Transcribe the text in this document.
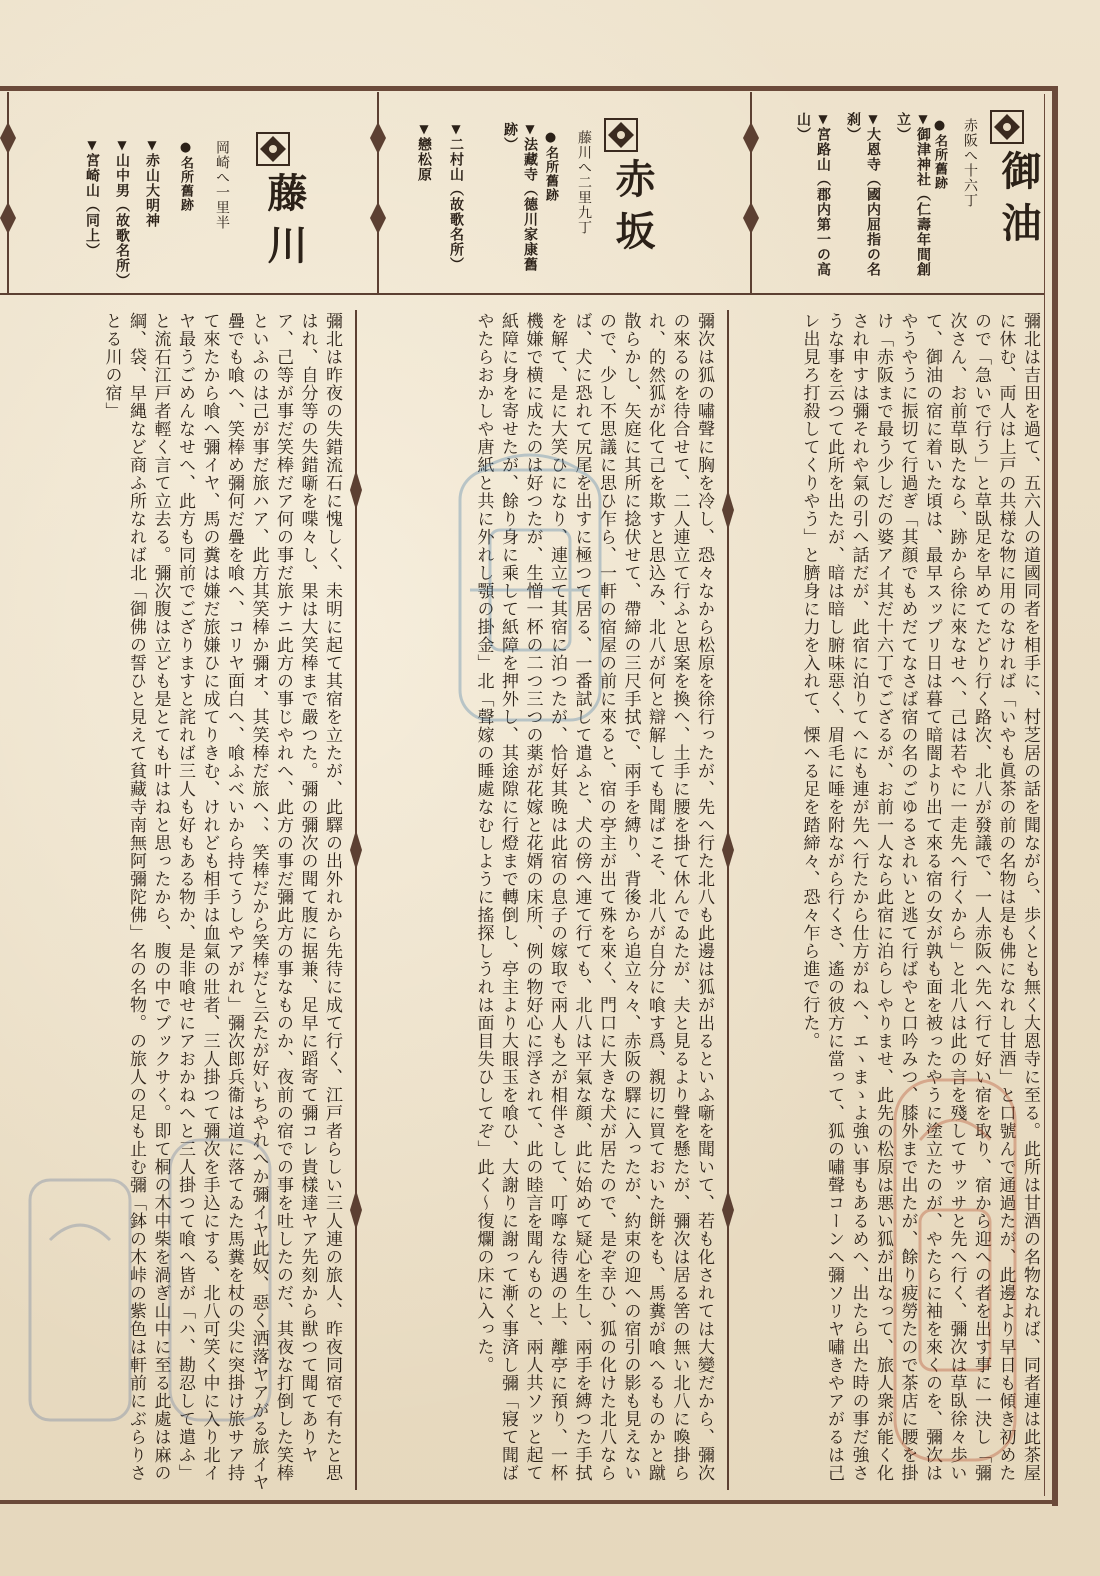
御油
赤阪へ十六丁
●名所舊跡
▼御津神社（仁壽年間創立）
▼大恩寺（國内屈指の名刹）
▼宮路山（郡内第一の高山）
赤坂
藤川へ二里九丁
●名所舊跡
▼法藏寺（德川家康舊跡）
▼二村山（故歌名所）
▼戀松原
藤川
岡崎へ一里半
●名所舊跡
▼赤山大明神
▼山中男（故歌名所）
▼宮崎山（同上）

彌北は吉田を過て、五六人の道國同者を相手に、村芝居の話を聞ながら、歩くとも無く大恩寺に至る。此所は甘酒の名物なれば、同者連は此茶屋に休む、両人は上戸の共様な物に用のなければ「いやも眞茶の前の名物は是も佛になれし甘酒」と口號んで通過たが、此邊より早日も傾き初めたので「急いで行う」と草臥足を早めてたどり行く路次、北八が發議で、一人赤阪へ先へ行て好い宿を取り、宿から迎への者を出す事に一決し「彌次さん、お前草臥たなら、跡から徐に來なせへ、己は若やに一走先へ行くから」と北八は此の言を殘してサッサと先へ行く、彌次は草臥徐々歩いて、御油の宿に着いた頃は、最早スップリ日は暮て暗闇より出て來る宿の女が孰も面を被ったやうに塗立たのが、やたらに袖を來くのを、彌次はやうやうに振切て行過ぎ「其顔でもめだてなさば宿の名のごゆるされいと逃て行ばやと口吟みつ、膝外まで出たが、餘り疲勞たので茶店に腰を掛け「赤阪まで最う少しだの婆アイ其だ十六丁でござるが、お前一人なら此宿に泊らしやりませ、此先の松原は悪い狐が出なって、旅人衆が能く化され申すは彌それや氣の引へ話だが、此宿に泊りてへにも連が先へ行たから仕方がねへ、エヽまゝよ強い事もあるめへ、出たら出た時の事だ強さうな事を云つて此所を出たが、暗は暗し腑味惡く、眉毛に唾を附ながら行くさ、遙の彼方に當って、狐の嘯聲コーンへ彌ソリヤ嘯きやアがるは己レ出見ろ打殺してくりやう」と臍身に力を入れて、慄へる足を踏締々、恐々乍ら進で行た。

彌次は狐の嘯聲に胸を冷し、恐々なから松原を徐行ったが、先へ行た北八も此邊は狐が出るといふ噺を聞いて、若も化されては大變だから、彌次の來るのを待合せて、二人連立て行ふと思案を換へ、土手に腰を掛て休んでゐたが、夫と見るより聲を懸たが、彌次は居る筈の無い北八に喚掛られ、的然狐が化て己を欺すと思込み、北八が何と辯解しても聞ばこそ、北八が自分に喰す爲、親切に買ておいた餅をも、馬糞が喰へるものかと蹴散らかし、矢庭に其所に捻伏せて、帶締の三尺手拭で、兩手を縛り、背後から追立々々、赤阪の驛に入ったが、約束の迎への宿引の影も見えないので、少し不思議に思ひ乍ら、一軒の宿屋の前に來ると、宿の亭主が出て殊を來く、門口に大きな犬が居たので、是ぞ幸ひ、狐の化けた北八ならば、犬に恐れて尻尾を出すに極つて居る、一番試して遣ふと、犬の傍へ連て行ても、北八は平氣な顔、此に始めて疑心を生し、兩手を縛つた手拭を解て、是に大笑ひになり、連立て其宿に泊つたが、恰好其晩は此宿の息子の嫁取で兩人も之が相伴さして、叮嚀な待遇の上、離亭に預り、一杯機嫌で横に成たのは好つたが、生憎一杯の二つ三つの薬が花嫁と花婿の床所、例の物好心に浮されて、此の睦言を聞んものと、兩人共ソッと起て紙障に身を寄せたが、餘り身に乘して紙障を押外し、其途隙に行燈まで轉倒し、亭主より大眼玉を喰ひ、大謝りに謝って漸く事済し彌「寢て聞ばやたらおかしや唐紙と共に外れし顎の掛金」北「聲嫁の睡處なむしように搖探しうれは面目失ひしてぞ」此く～復爛の床に入った。

彌北は昨夜の失錯流石に愧しく、未明に起て其宿を立たが、此驛の出外れから先待に成て行く、江戸者らしい三人連の旅人、昨夜同宿で有たと思はれ、自分等の失錯噺を喋々し、果は大笑棒まで嚴つた。彌の彌次の聞て腹に据兼、足早に蹈寄て彌コレ貴樣達ヤア先刻から獣つて聞てありヤア、己等が事だ笑棒だア何の事だ旅ナニ此方の事じやれへ、此方の事だ彌此方の事なものか、夜前の宿での事を吐したのだ、其夜な打倒した笑棒といふのは己が事だ旅ハア、此方其笑棒か彌オ、其笑棒だ旅ヘ、、笑棒だから笑棒だと云たが好いちやれへか彌イヤ此奴、惡く洒落ヤアがる旅イヤ疊でも喰へ、笑棒め彌何だ疊を喰へ、コリヤ面白へ、喰ふべいから持てうしやアがれ」彌次郎兵衞は道に落てゐた馬糞を杖の尖に突掛け旅サア持て來たから喰へ彌イヤ、馬の糞は嫌だ旅嫌ひに成てりきむ、けれども相手は血氣の壯者、三人掛つて彌次を手込にする、北八可笑く中に入り北イヤ最うごめんなせへ、此方も同前でござりますと詫れば三人も好もある物か、是非喰せにアおかねへと三人掛つて喰へ皆が「ハ、勘忍して遣ふ」と流石江戸者輕く言て立去る。彌次腹は立ども是とても叶はねと思ったから、腹の中でブックサく。即て桐の木中柴を渦ぎ山中に至る此處は麻の綱、袋、早縄など商ふ所なれば北「御佛の誓ひと見えて貧藏寺南無阿彌陀佛」名の名物。の旅人の足も止む彌「鉢の木峠の紫色は軒前にぶらりさとる川の宿」
